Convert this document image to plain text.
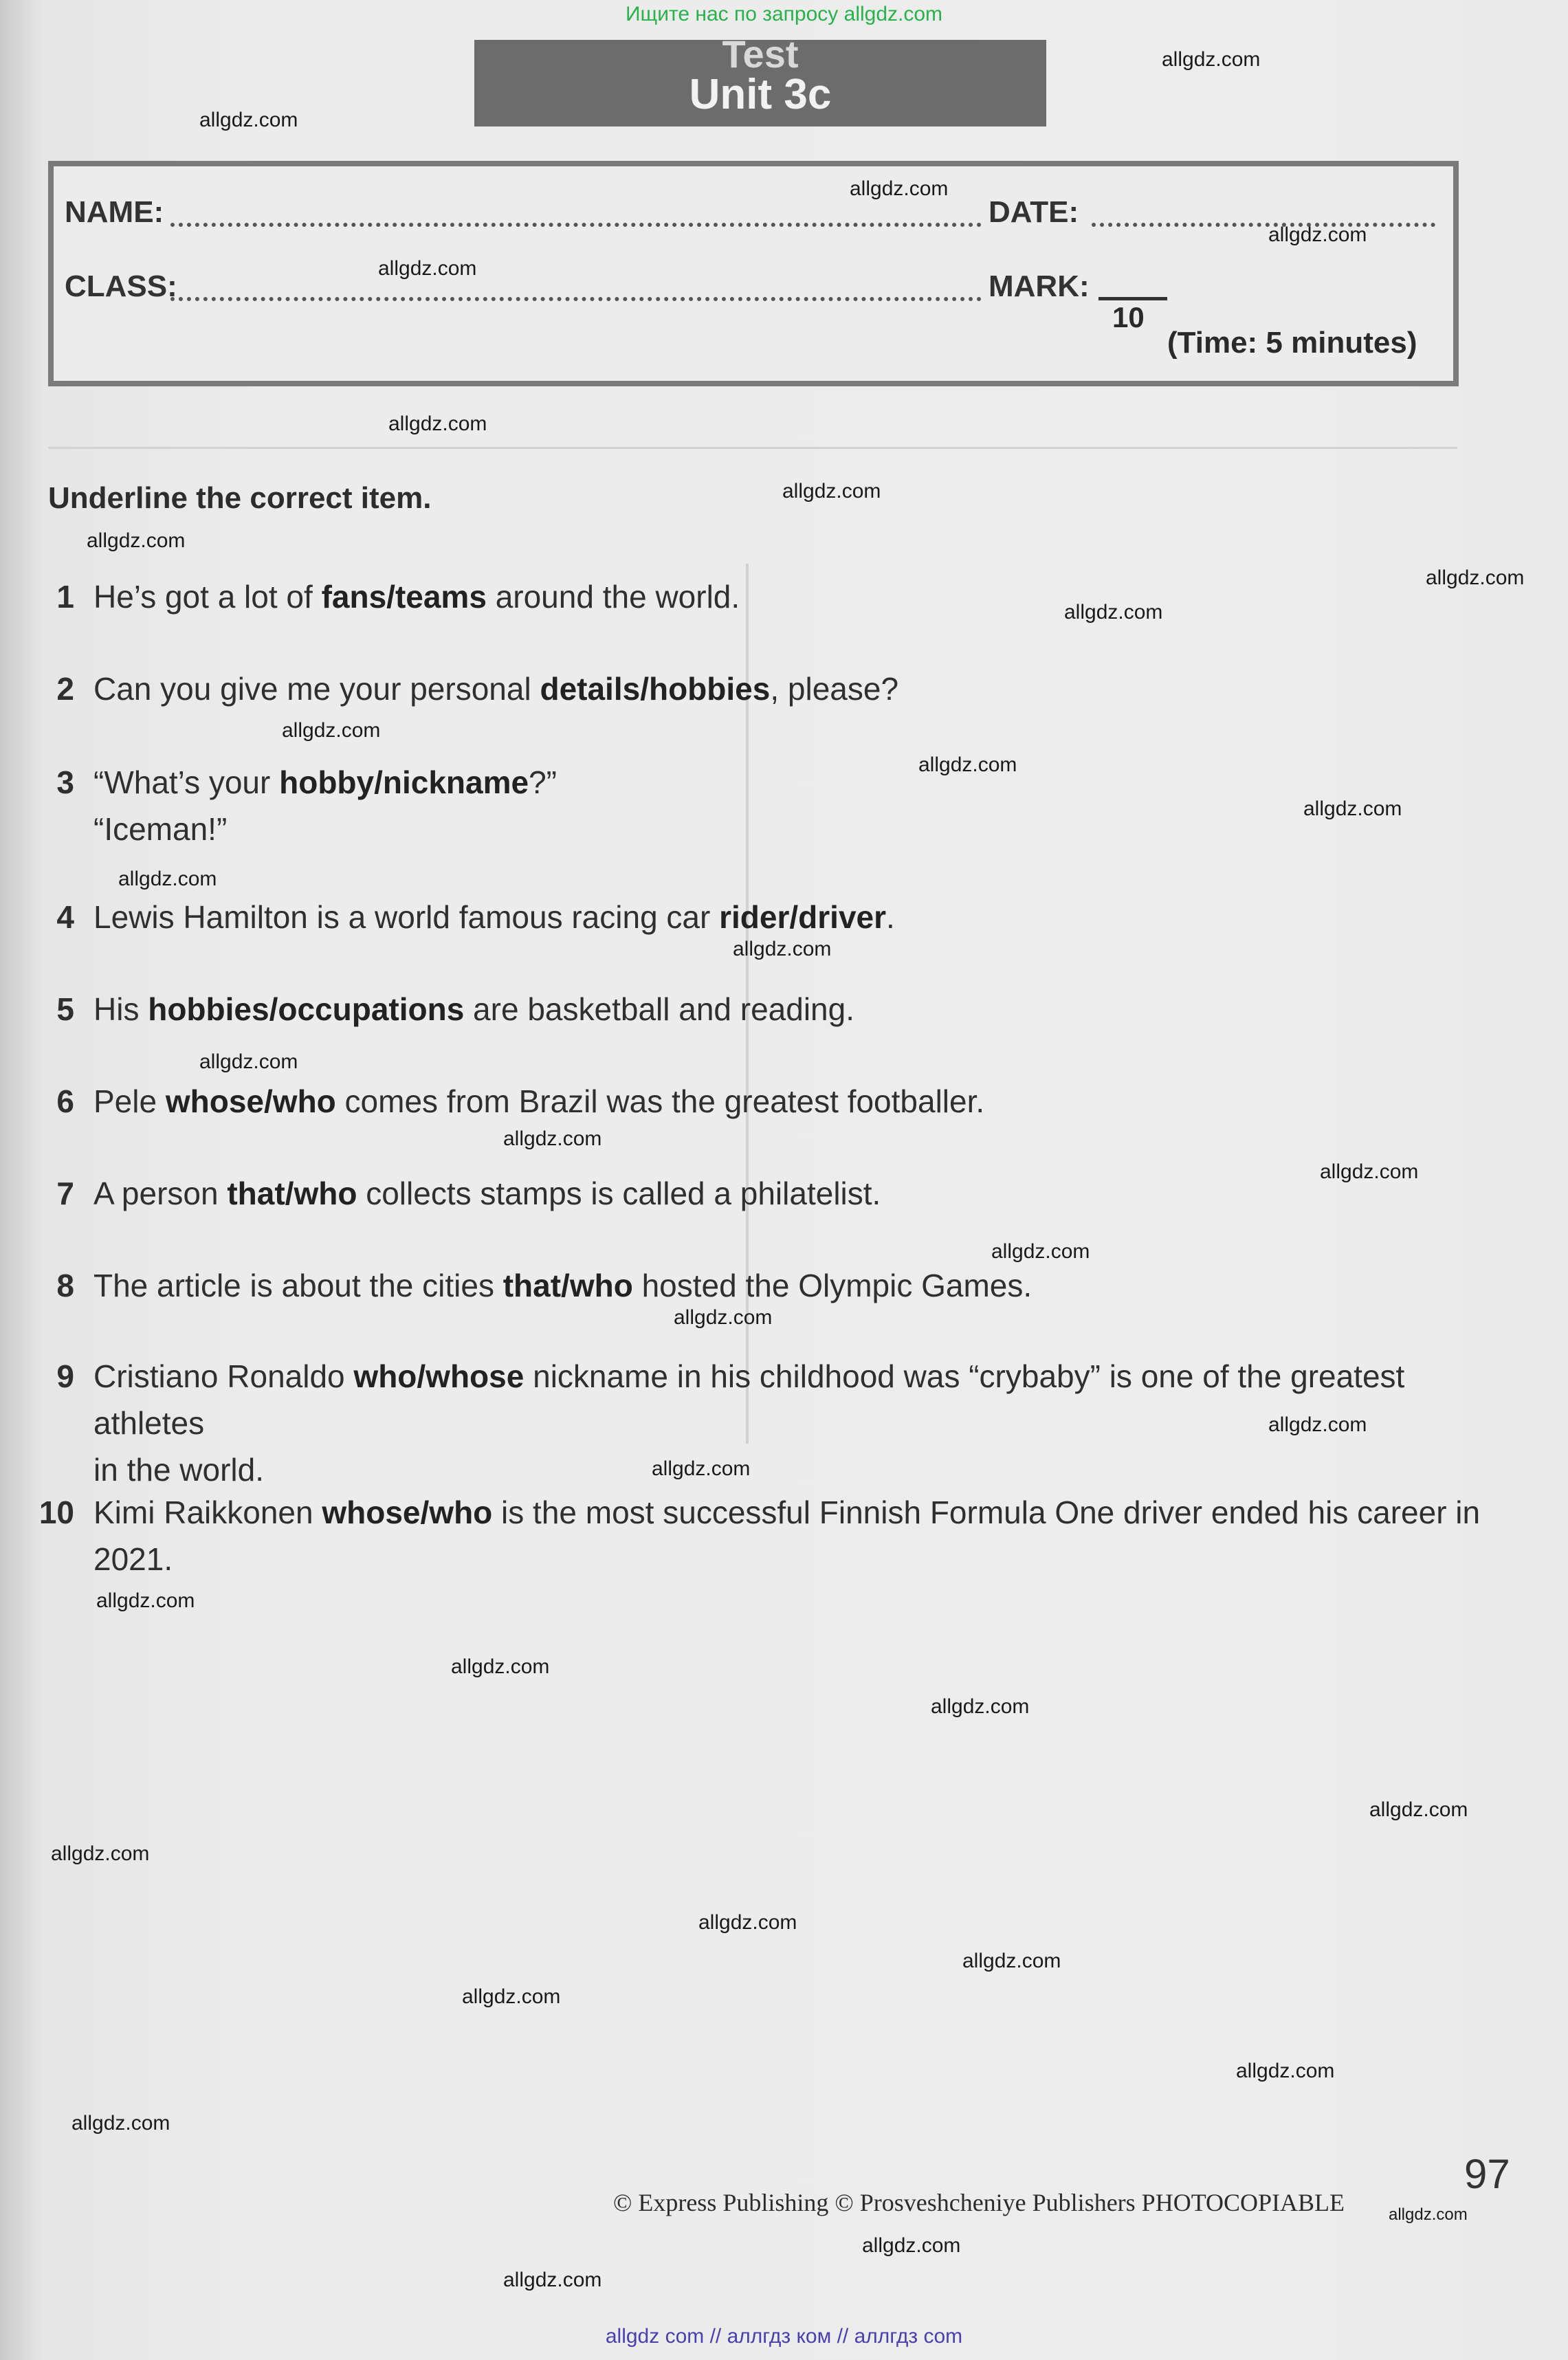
Ищите нас по запросу allgdz.com
Test
Unit 3c
NAME:	DATE:
CLASS:	MARK:
10
(Time: 5 minutes)
Underline the correct item.
1 He’s got a lot of fans/teams around the world.
2 Can you give me your personal details/hobbies, please?
3 “What’s your hobby/nickname?”
“Iceman!”
4 Lewis Hamilton is a world famous racing car rider/driver.
5 His hobbies/occupations are basketball and reading.
6 Pele whose/who comes from Brazil was the greatest footballer.
7 A person that/who collects stamps is called a philatelist.
8 The article is about the cities that/who hosted the Olympic Games.
9 Cristiano Ronaldo who/whose nickname in his childhood was “crybaby” is one of the greatest athletes
in the world.
10 Kimi Raikkonen whose/who is the most successful Finnish Formula One driver ended his career in
2021.
allgdz.com
allgdz.com
allgdz.com
allgdz.com
allgdz.com
allgdz.com
allgdz.com
allgdz.com
allgdz.com
allgdz.com
allgdz.com
allgdz.com
allgdz.com
allgdz.com
allgdz.com
allgdz.com
allgdz.com
allgdz.com
allgdz.com
allgdz.com
allgdz.com
allgdz.com
allgdz.com
allgdz.com
allgdz.com
allgdz.com
allgdz.com
allgdz.com
allgdz.com
allgdz.com
allgdz.com
allgdz.com
allgdz.com
allgdz.com
allgdz.com
© Express Publishing © Prosveshcheniye Publishers PHOTOCOPIABLE
97
allgdz com // аллгдз ком // аллгдз com
